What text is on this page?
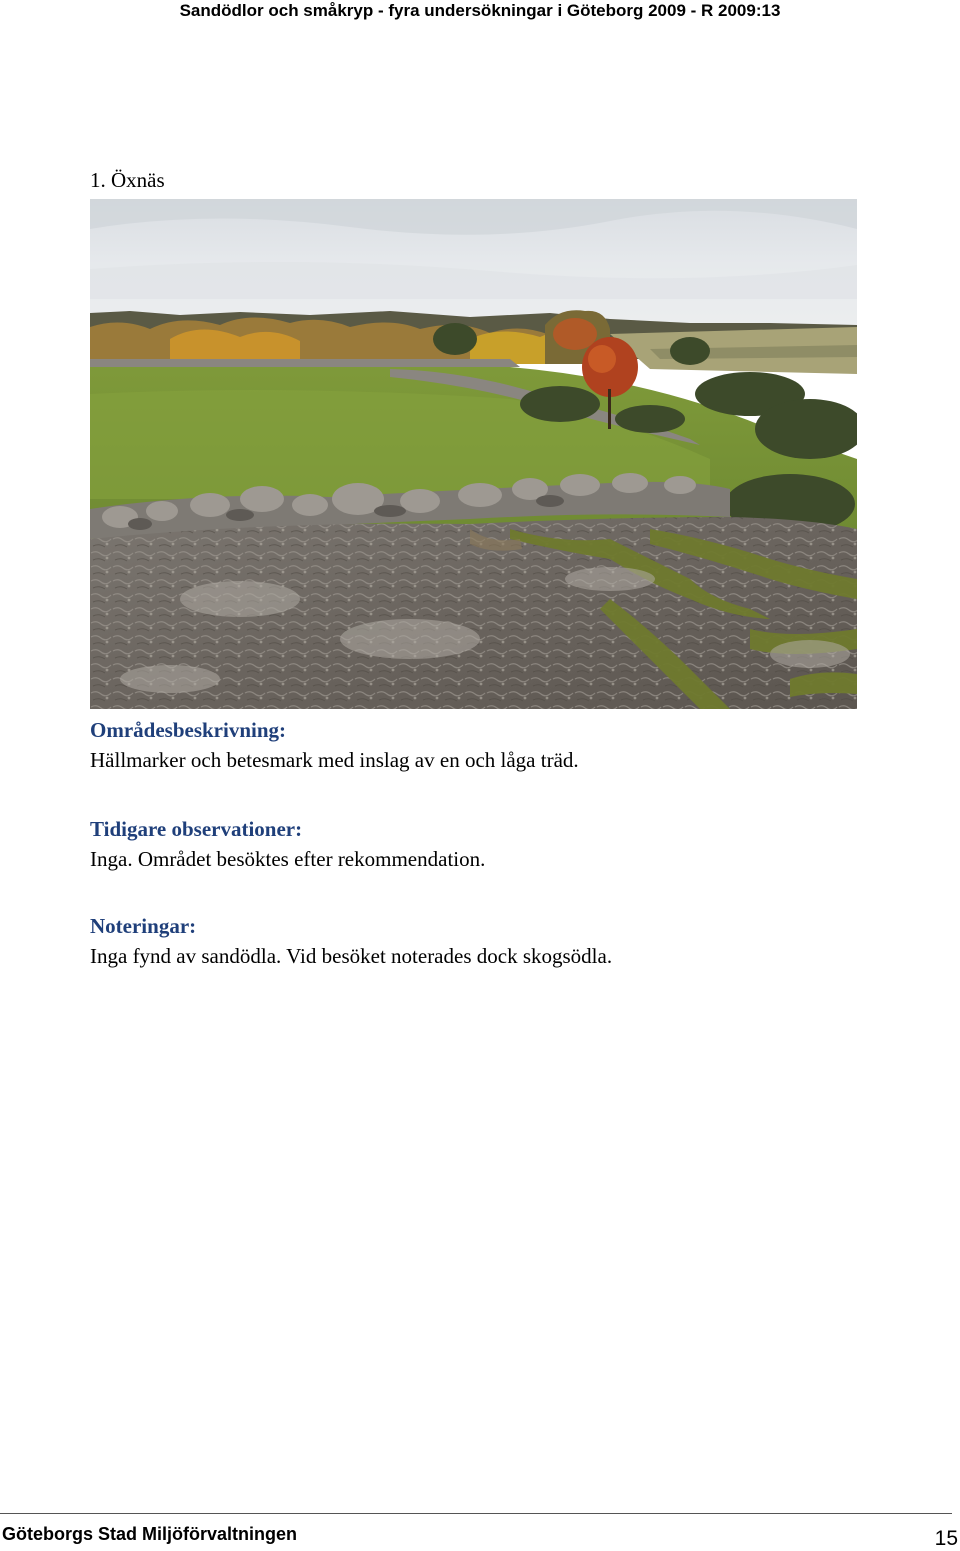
Sandödlor och småkryp - fyra undersökningar i Göteborg 2009 - R 2009:13
1. Öxnäs
Områdesbeskrivning:
Hällmarker och betesmark med inslag av en och låga träd.
Tidigare observationer:
Inga. Området besöktes efter rekommendation.
Noteringar:
Inga fynd av sandödla. Vid besöket noterades dock skogsödla.
Göteborgs Stad Miljöförvaltningen	15
